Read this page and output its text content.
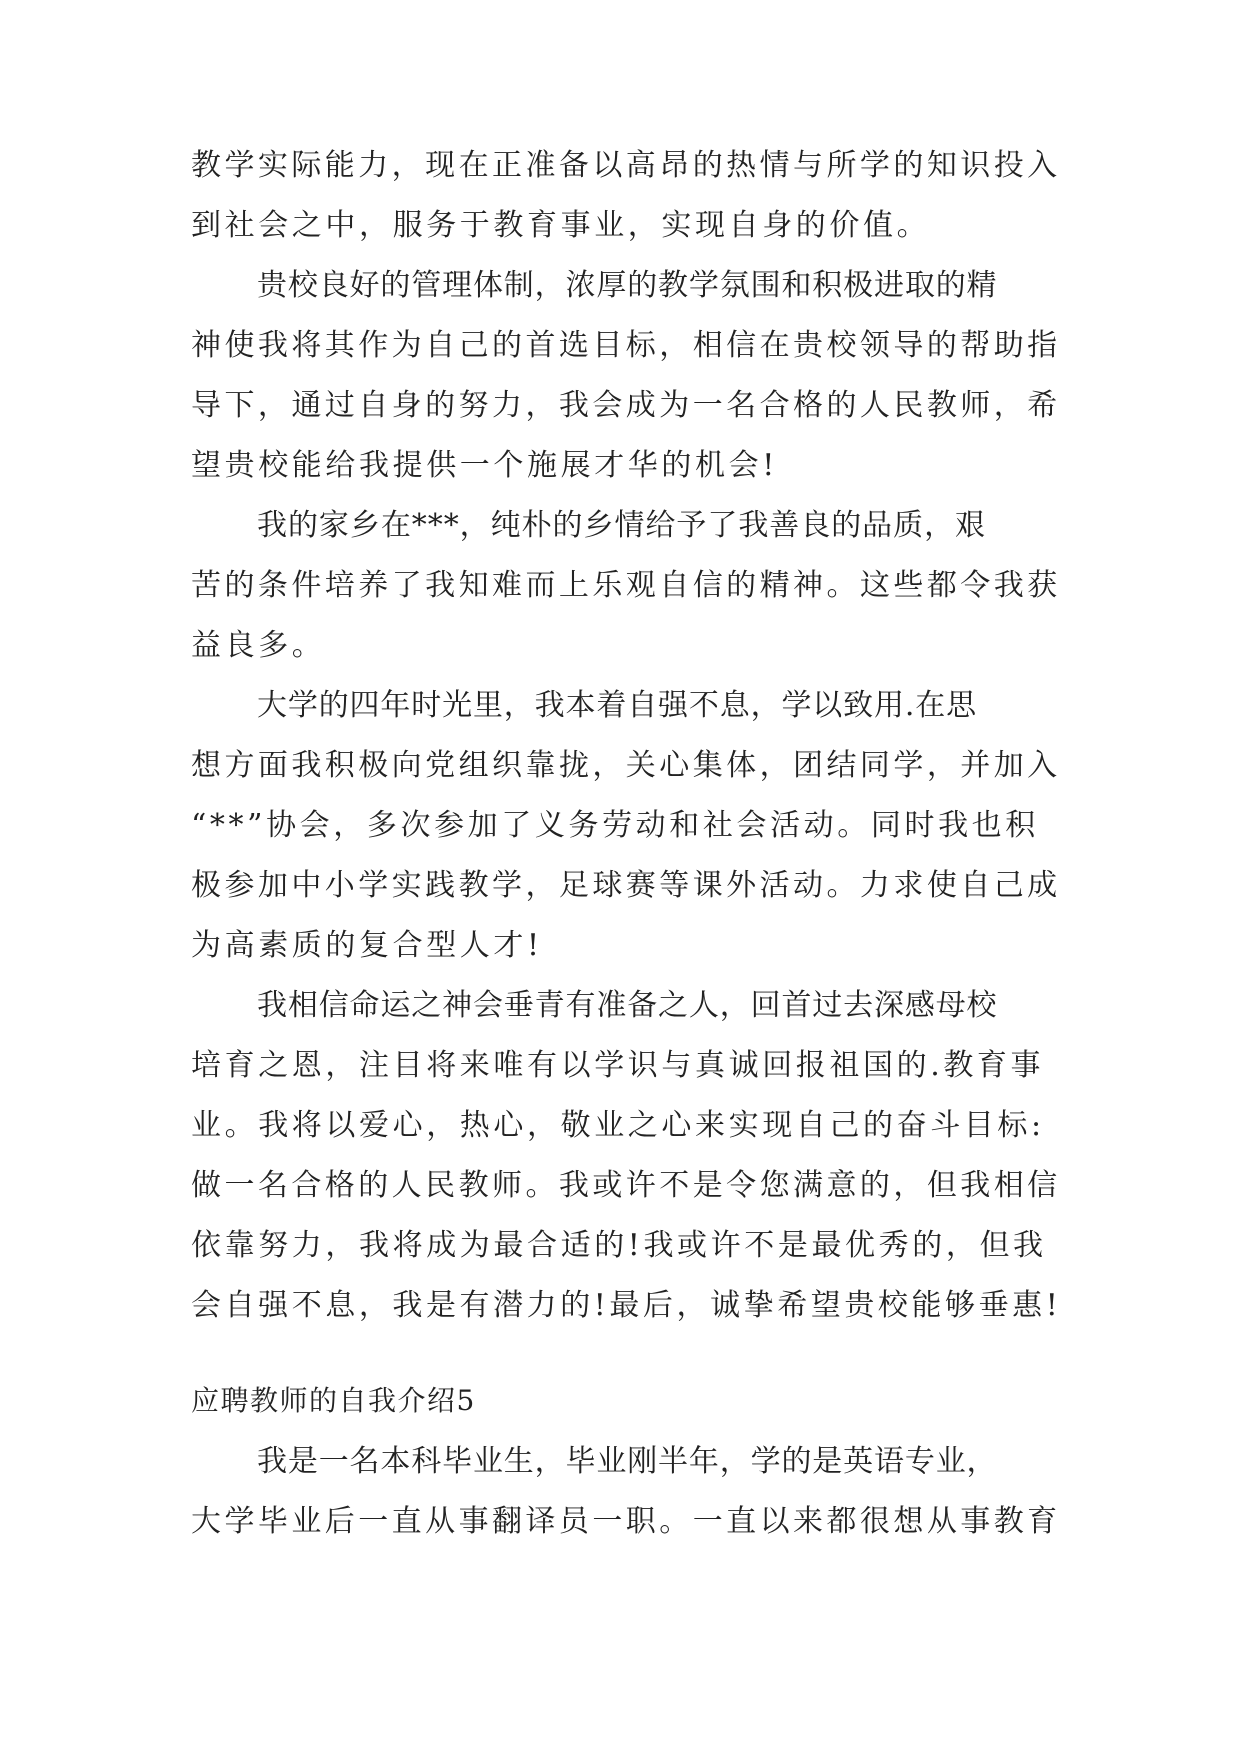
教学实际能力，现在正准备以高昂的热情与所学的知识投入
到社会之中，服务于教育事业，实现自身的价值。
贵校良好的管理体制，浓厚的教学氛围和积极进取的精
神使我将其作为自己的首选目标，相信在贵校领导的帮助指
导下，通过自身的努力，我会成为一名合格的人民教师，希
望贵校能给我提供一个施展才华的机会!
我的家乡在***，纯朴的乡情给予了我善良的品质，艰
苦的条件培养了我知难而上乐观自信的精神。这些都令我获
益良多。
大学的四年时光里，我本着自强不息，学以致用.在思
想方面我积极向党组织靠拢，关心集体，团结同学，并加入
“**”协会，多次参加了义务劳动和社会活动。同时我也积
极参加中小学实践教学，足球赛等课外活动。力求使自己成
为高素质的复合型人才!
我相信命运之神会垂青有准备之人，回首过去深感母校
培育之恩，注目将来唯有以学识与真诚回报祖国的.教育事
业。我将以爱心，热心，敬业之心来实现自己的奋斗目标:
做一名合格的人民教师。我或许不是令您满意的，但我相信
依靠努力，我将成为最合适的!我或许不是最优秀的，但我
会自强不息，我是有潜力的!最后，诚挚希望贵校能够垂惠!
应聘教师的自我介绍5
我是一名本科毕业生，毕业刚半年，学的是英语专业，
大学毕业后一直从事翻译员一职。一直以来都很想从事教育
